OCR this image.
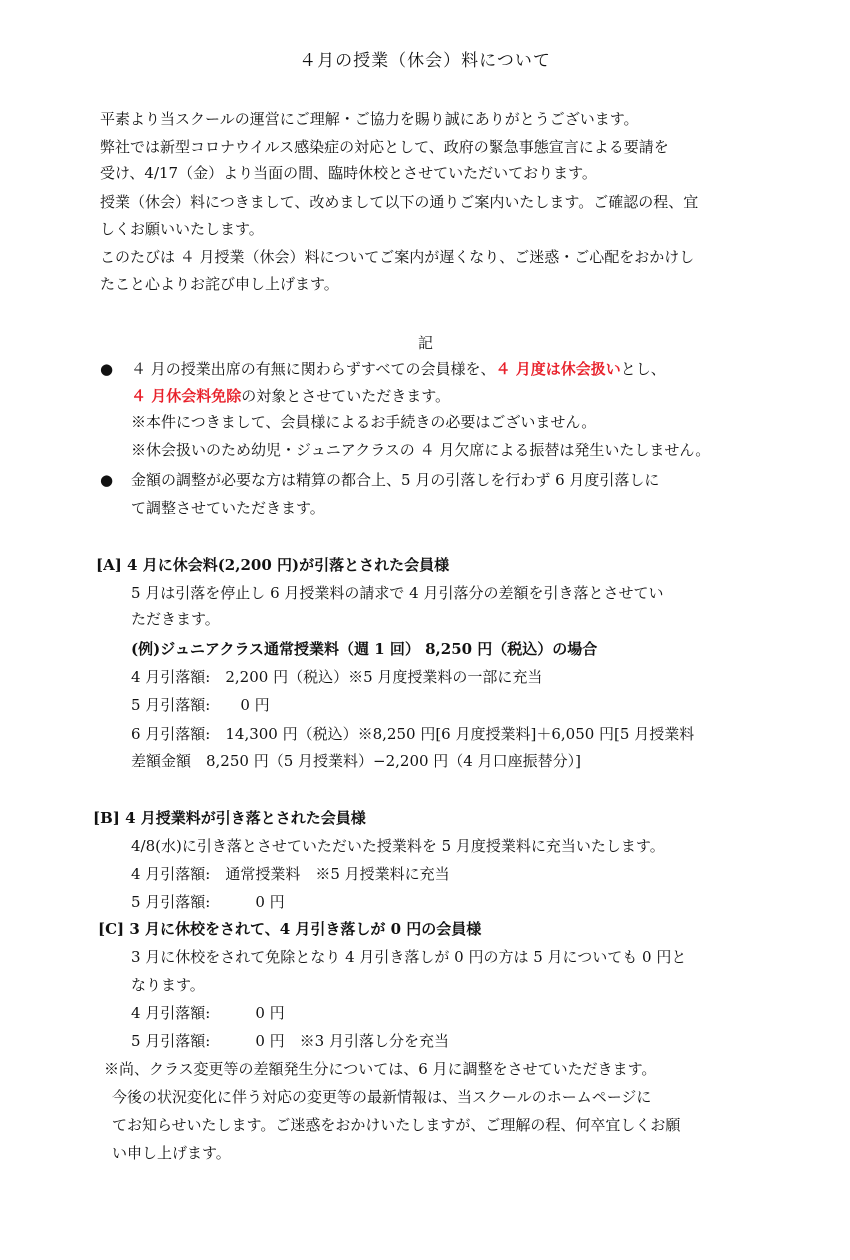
４月の授業（休会）料について
平素より当スクールの運営にご理解・ご協力を賜り誠にありがとうございます。
弊社では新型コロナウイルス感染症の対応として、政府の緊急事態宣言による要請を
受け、4/17（金）より当面の間、臨時休校とさせていただいております。
授業（休会）料につきまして、改めまして以下の通りご案内いたします。ご確認の程、宜
しくお願いいたします。
このたびは ４ 月授業（休会）料についてご案内が遅くなり、ご迷惑・ご心配をおかけし
たこと心よりお詫び申し上げます。
記
● ４ 月の授業出席の有無に関わらずすべての会員様を、４ 月度は休会扱いとし、
４ 月休会料免除の対象とさせていただきます。
※本件につきまして、会員様によるお手続きの必要はございません。
※休会扱いのため幼児・ジュニアクラスの ４ 月欠席による振替は発生いたしません。
● 金額の調整が必要な方は精算の都合上、5 月の引落しを行わず 6 月度引落しに
て調整させていただきます。
[A] 4 月に休会料(2,200 円)が引落とされた会員様
5 月は引落を停止し 6 月授業料の請求で 4 月引落分の差額を引き落とさせてい
ただきます。
(例)ジュニアクラス通常授業料（週 1 回） 8,250 円（税込）の場合
4 月引落額:　2,200 円（税込）※5 月度授業料の一部に充当
5 月引落額:　　0 円
6 月引落額:　14,300 円（税込）※8,250 円[6 月度授業料]＋6,050 円[5 月授業料
差額金額　8,250 円（5 月授業料）−2,200 円（4 月口座振替分）]
[B] 4 月授業料が引き落とされた会員様
4/8(水)に引き落とさせていただいた授業料を 5 月度授業料に充当いたします。
4 月引落額:　通常授業料　※5 月授業料に充当
5 月引落額:　　　0 円
[C] 3 月に休校をされて、4 月引き落しが 0 円の会員様
3 月に休校をされて免除となり 4 月引き落しが 0 円の方は 5 月についても 0 円と
なります。
4 月引落額:　　　0 円
5 月引落額:　　　0 円　※3 月引落し分を充当
※尚、クラス変更等の差額発生分については、6 月に調整をさせていただきます。
今後の状況変化に伴う対応の変更等の最新情報は、当スクールのホームページに
てお知らせいたします。ご迷惑をおかけいたしますが、ご理解の程、何卒宜しくお願
い申し上げます。
